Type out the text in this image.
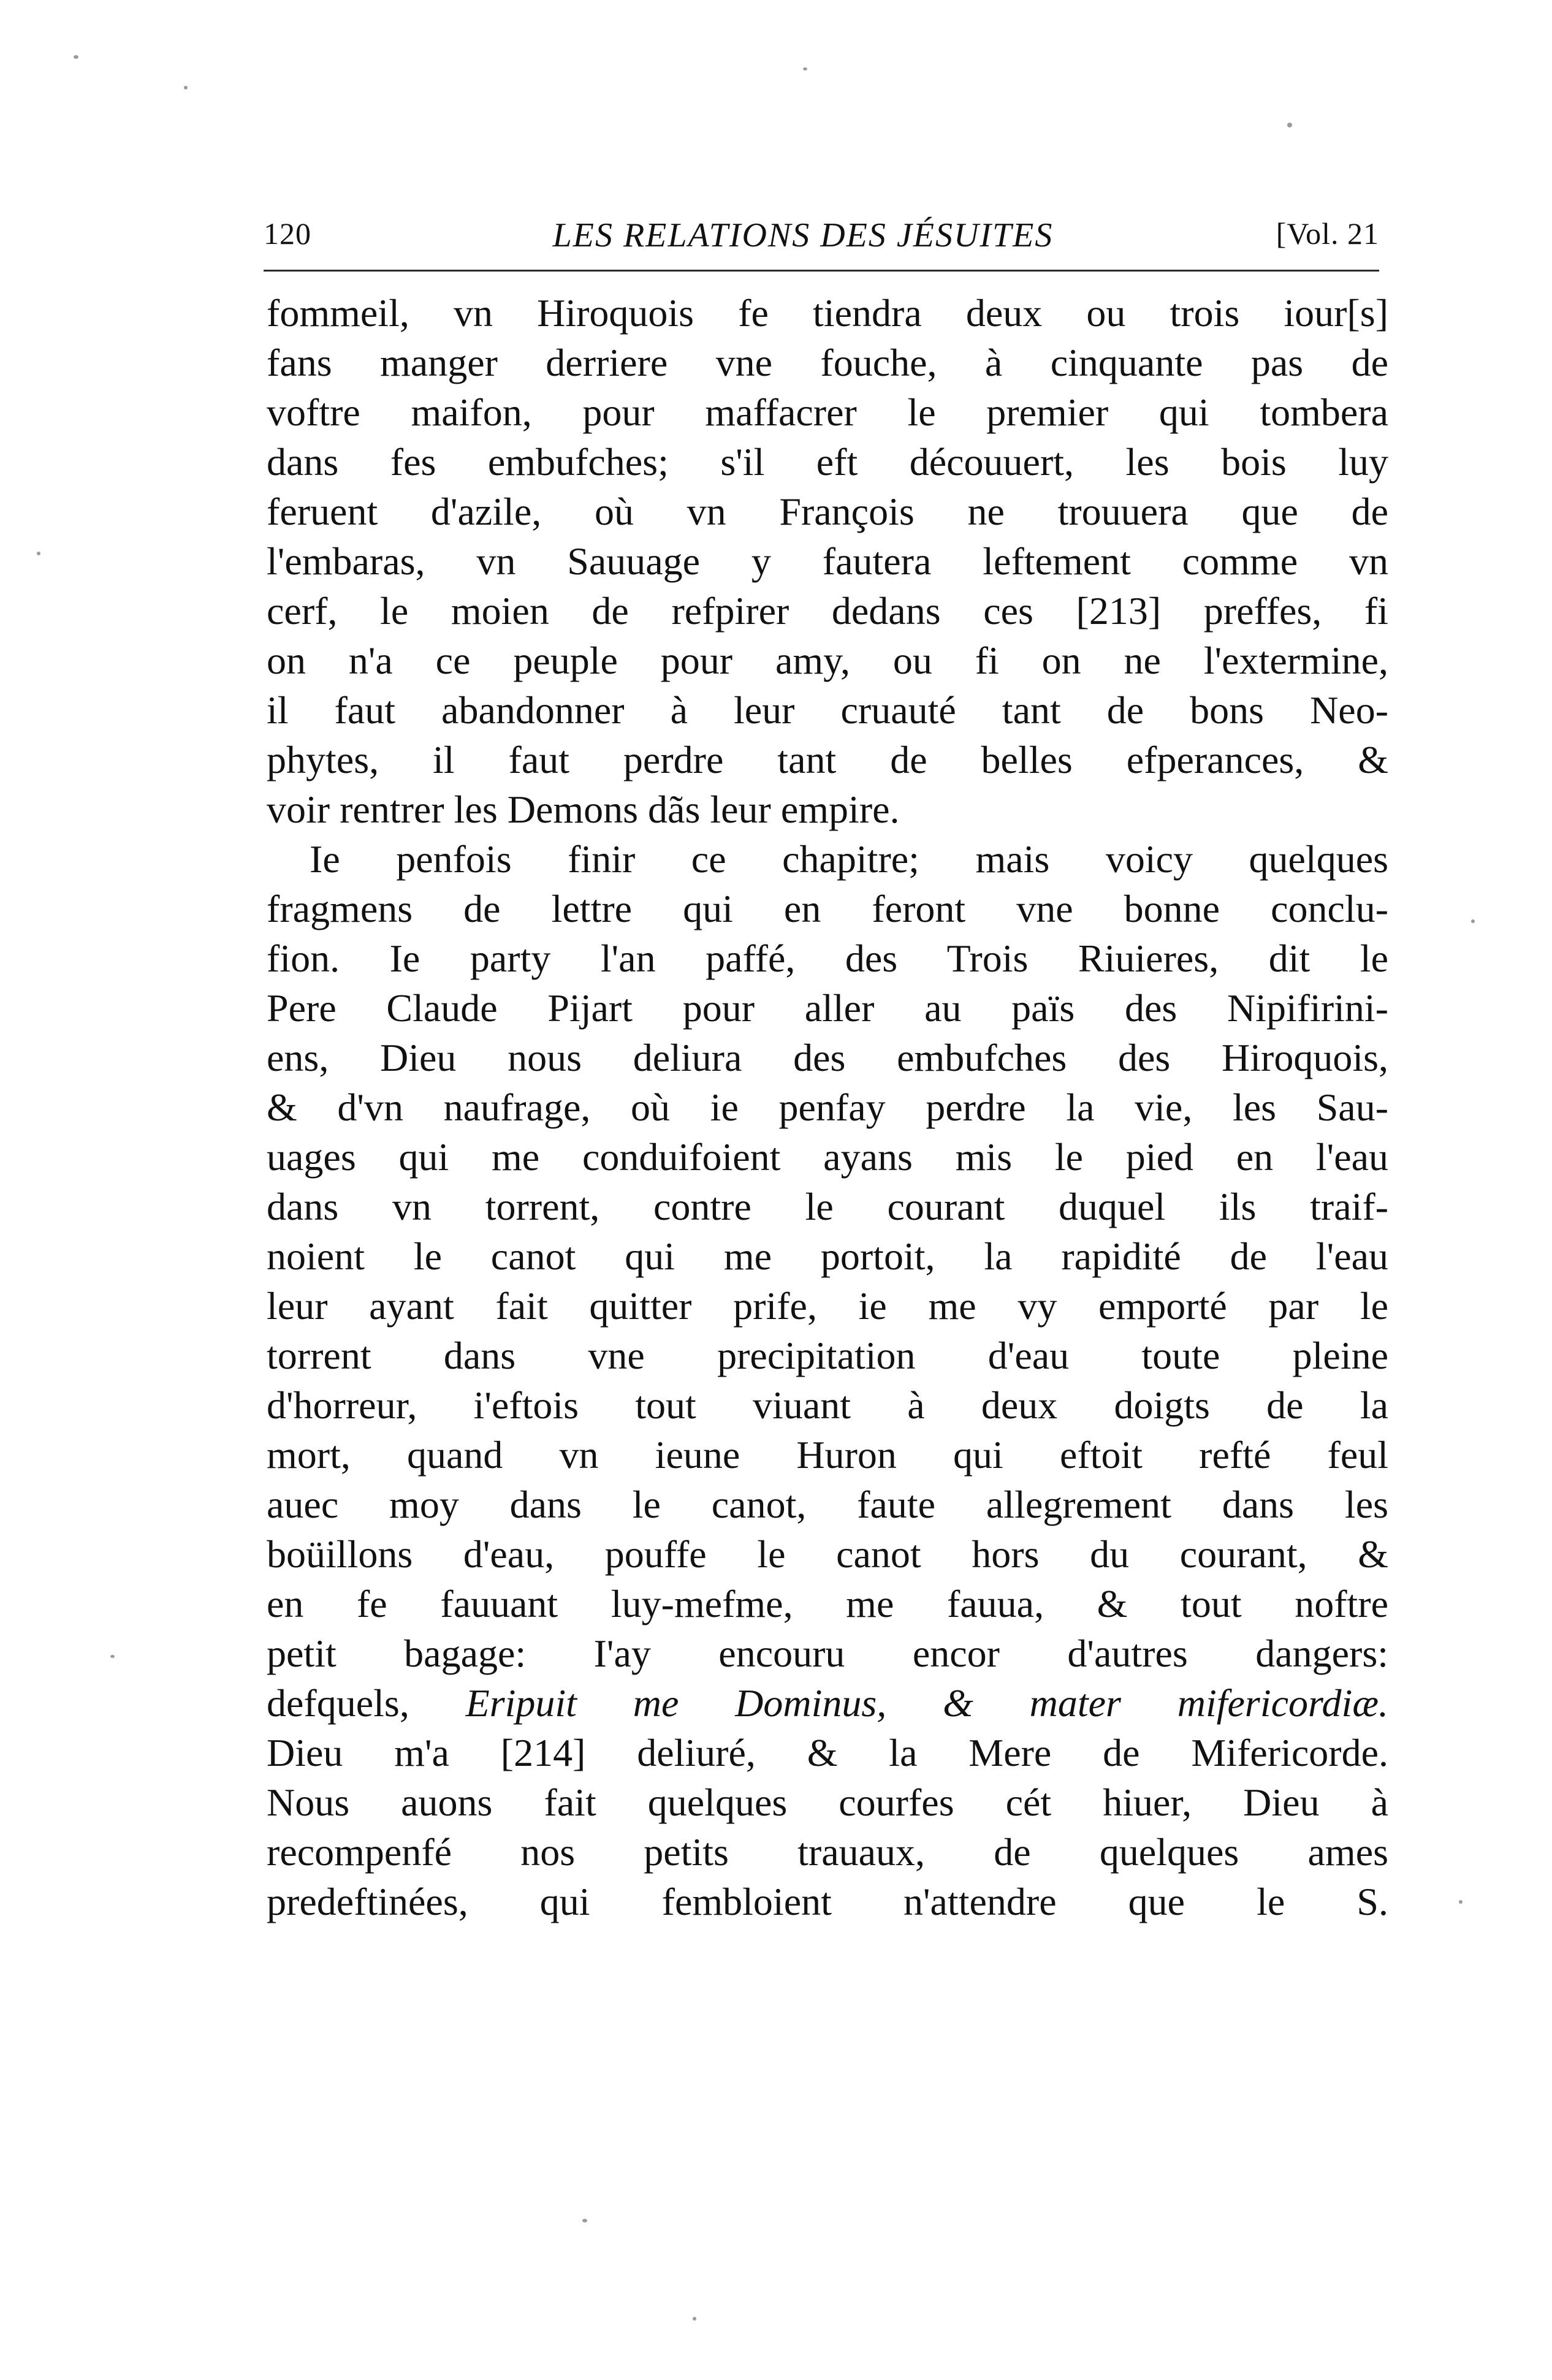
120	LES RELATIONS DES JÉSUITES	[Vol. 21
fommeil, vn Hiroquois fe tiendra deux ou trois iour[s]
fans manger derriere vne fouche, à cinquante pas de
voftre maifon, pour maffacrer le premier qui tombera
dans fes embufches; s'il eft découuert, les bois luy
feruent d'azile, où vn François ne trouuera que de
l'embaras, vn Sauuage y fautera leftement comme vn
cerf, le moien de refpirer dedans ces [213] preffes, fi
on n'a ce peuple pour amy, ou fi on ne l'extermine,
il faut abandonner à leur cruauté tant de bons Neo-
phytes, il faut perdre tant de belles efperances, &
voir rentrer les Demons dãs leur empire.
Ie penfois finir ce chapitre; mais voicy quelques
fragmens de lettre qui en feront vne bonne conclu-
fion. Ie party l'an paffé, des Trois Riuieres, dit le
Pere Claude Pijart pour aller au païs des Nipifirini-
ens, Dieu nous deliura des embufches des Hiroquois,
& d'vn naufrage, où ie penfay perdre la vie, les Sau-
uages qui me conduifoient ayans mis le pied en l'eau
dans vn torrent, contre le courant duquel ils traif-
noient le canot qui me portoit, la rapidité de l'eau
leur ayant fait quitter prife, ie me vy emporté par le
torrent dans vne precipitation d'eau toute pleine
d'horreur, i'eftois tout viuant à deux doigts de la
mort, quand vn ieune Huron qui eftoit refté feul
auec moy dans le canot, faute allegrement dans les
boüillons d'eau, pouffe le canot hors du courant, &
en fe fauuant luy-mefme, me fauua, & tout noftre
petit bagage: I'ay encouru encor d'autres dangers:
defquels, Eripuit me Dominus, & mater mifericordiæ.
Dieu m'a [214] deliuré, & la Mere de Mifericorde.
Nous auons fait quelques courfes cét hiuer, Dieu à
recompenfé nos petits trauaux, de quelques ames
predeftinées, qui fembloient n'attendre que le S.
